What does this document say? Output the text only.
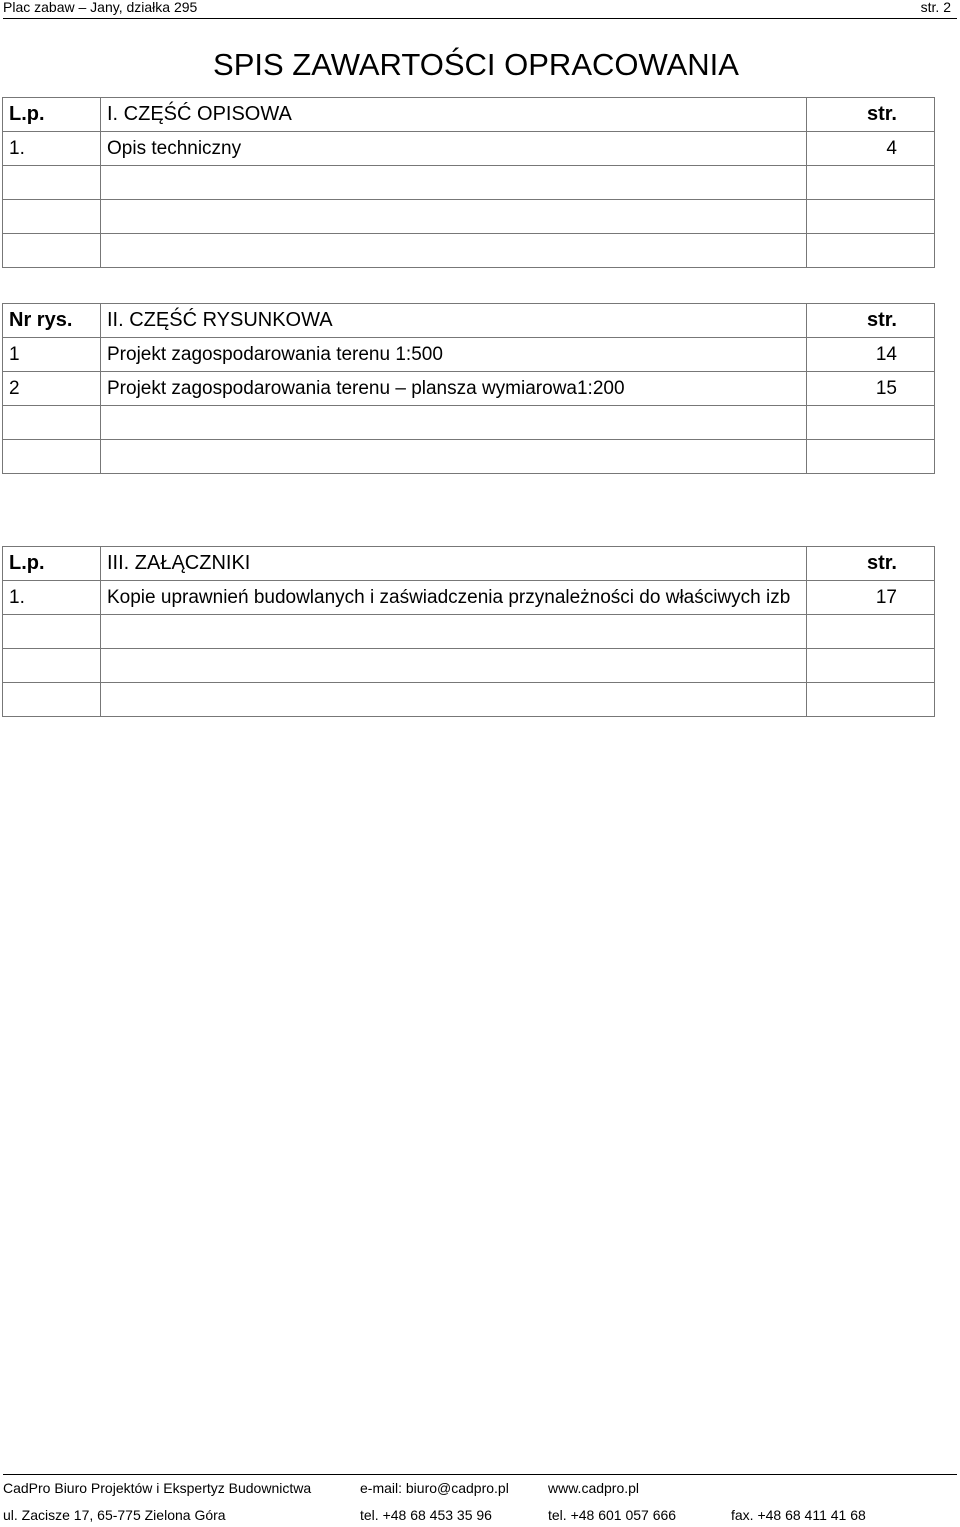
Plac zabaw – Jany, działka 295	str. 2
SPIS ZAWARTOŚCI OPRACOWANIA
L.p.	I. CZĘŚĆ OPISOWA	str.
1.	Opis techniczny	4

Nr rys.	II. CZĘŚĆ RYSUNKOWA	str.
1	Projekt zagospodarowania terenu 1:500	14
2	Projekt zagospodarowania terenu – plansza wymiarowa1:200	15

L.p.	III. ZAŁĄCZNIKI	str.
1.	Kopie uprawnień budowlanych i zaświadczenia przynależności do właściwych izb	17

CadPro Biuro Projektów i Ekspertyz Budownictwa	e-mail: biuro@cadpro.pl	www.cadpro.pl
ul. Zacisze 17, 65-775 Zielona Góra	tel. +48 68 453 35 96	tel. +48 601 057 666	fax. +48 68 411 41 68
